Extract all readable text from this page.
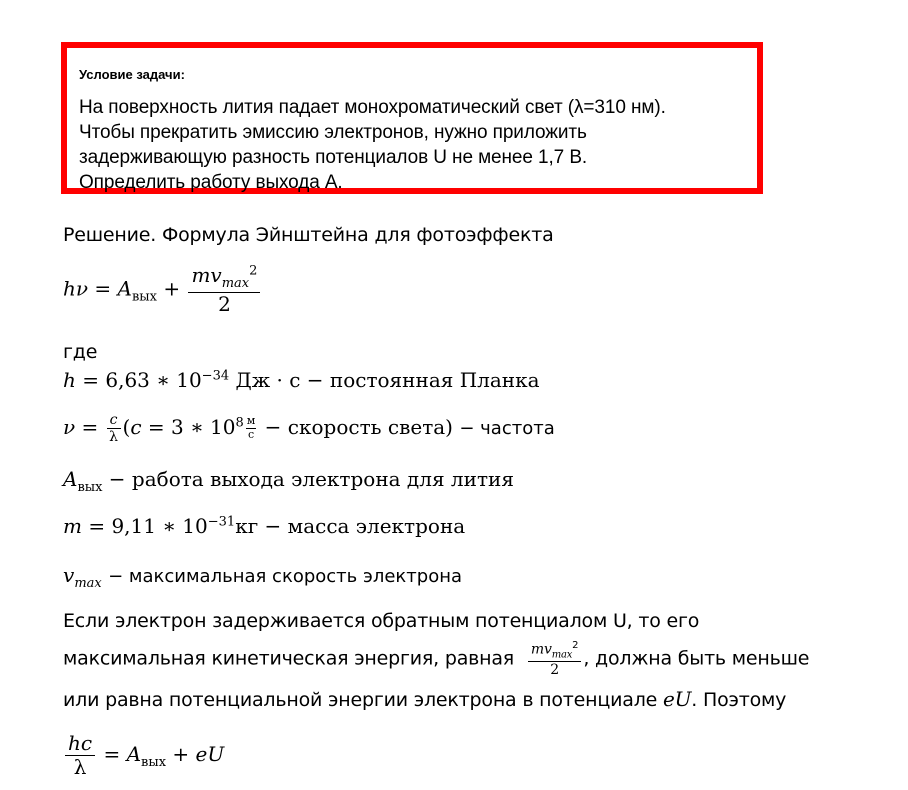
Условие задачи:
На поверхность лития падает монохроматический свет (λ=310 нм).
Чтобы прекратить эмиссию электронов, нужно приложить
задерживающую разность потенциалов U не менее 1,7 В.
Определить работу выхода А.
Решение. Формула Эйнштейна для фотоэффекта
$h\nu = A_{вых} + \frac{mv_{max}^2}{2}$
где
h = 6,63 ∗ $10^{-34}$ Дж · с − постоянная Планка
$\nu = \frac{c}{\lambda} (c = 3$ ∗ $10^8 \frac{м}{с}$ − скорость света) − частота
$A_{вых}$ − работа выхода электрона для лития
m = 9,11 ∗ $10^{-31}кг$ − масса электрона
$v_{max}$ − максимальная скорость электрона
Если электрон задерживается обратным потенциалом U, то его
максимальная кинетическая энергия, равная $\frac{mv_{max}^2}{2}$ , должна быть меньше
или равна потенциальной энергии электрона в потенциале eU. Поэтому
$\frac{hc}{\lambda} = A_{вых}$ + eU
